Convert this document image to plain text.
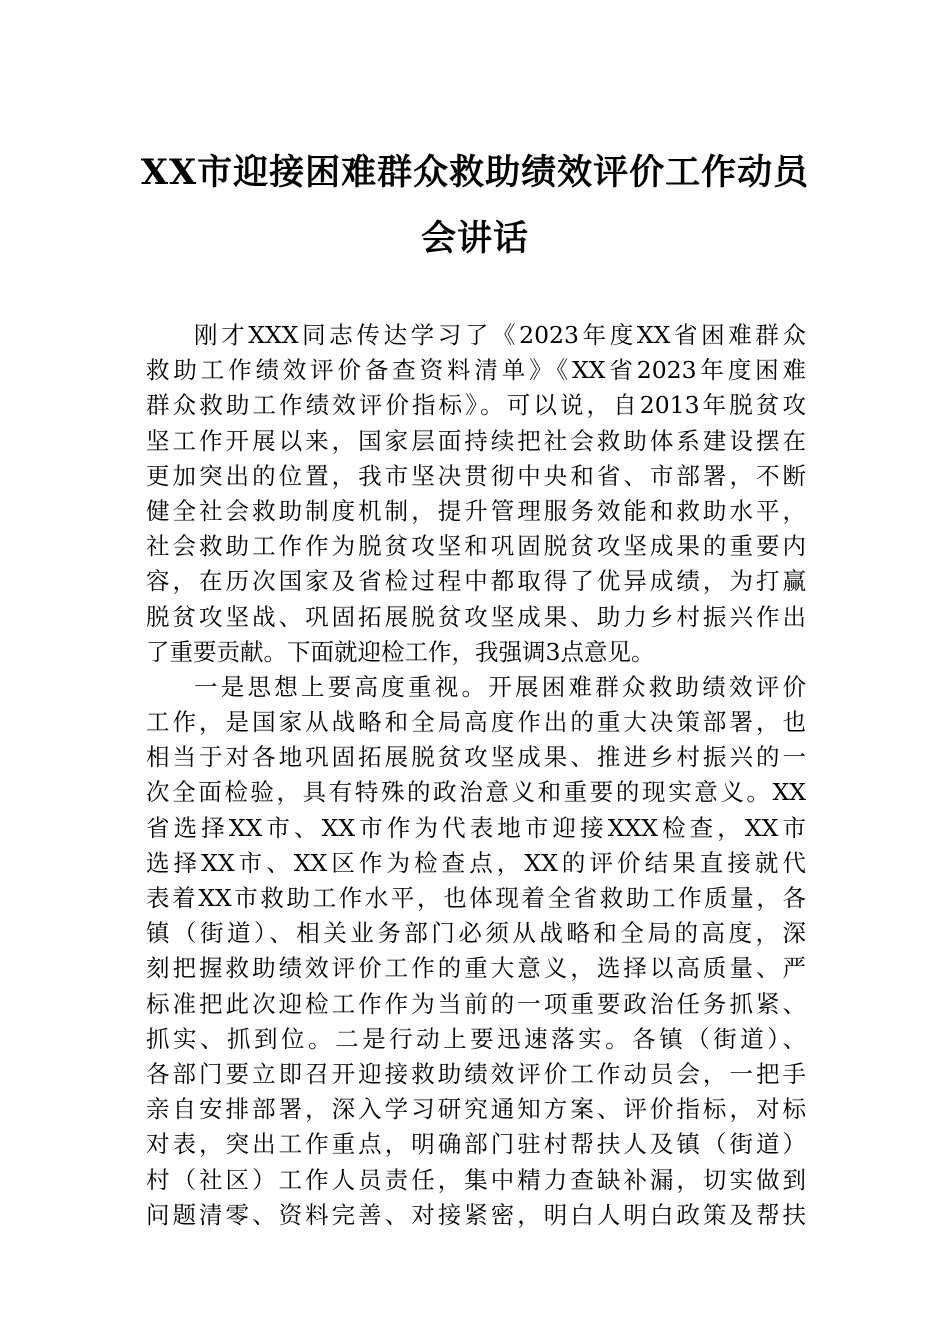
XX市迎接困难群众救助绩效评价工作动员
会讲话
刚才XXX同志传达学习了《2023年度XX省困难群众
救助工作绩效评价备查资料清单》《XX省2023年度困难
群众救助工作绩效评价指标》。可以说，自2013年脱贫攻
坚工作开展以来，国家层面持续把社会救助体系建设摆在
更加突出的位置，我市坚决贯彻中央和省、市部署，不断
健全社会救助制度机制，提升管理服务效能和救助水平，
社会救助工作作为脱贫攻坚和巩固脱贫攻坚成果的重要内
容，在历次国家及省检过程中都取得了优异成绩，为打赢
脱贫攻坚战、巩固拓展脱贫攻坚成果、助力乡村振兴作出
了重要贡献。下面就迎检工作，我强调3点意见。
一是思想上要高度重视。开展困难群众救助绩效评价
工作，是国家从战略和全局高度作出的重大决策部署，也
相当于对各地巩固拓展脱贫攻坚成果、推进乡村振兴的一
次全面检验，具有特殊的政治意义和重要的现实意义。XX
省选择XX市、XX市作为代表地市迎接XXX检查，XX市
选择XX市、XX区作为检查点，XX的评价结果直接就代
表着XX市救助工作水平，也体现着全省救助工作质量，各
镇（街道）、相关业务部门必须从战略和全局的高度，深
刻把握救助绩效评价工作的重大意义，选择以高质量、严
标准把此次迎检工作作为当前的一项重要政治任务抓紧、
抓实、抓到位。二是行动上要迅速落实。各镇（街道）、
各部门要立即召开迎接救助绩效评价工作动员会，一把手
亲自安排部署，深入学习研究通知方案、评价指标，对标
对表，突出工作重点，明确部门驻村帮扶人及镇（街道）
村（社区）工作人员责任，集中精力查缺补漏，切实做到
问题清零、资料完善、对接紧密，明白人明白政策及帮扶
